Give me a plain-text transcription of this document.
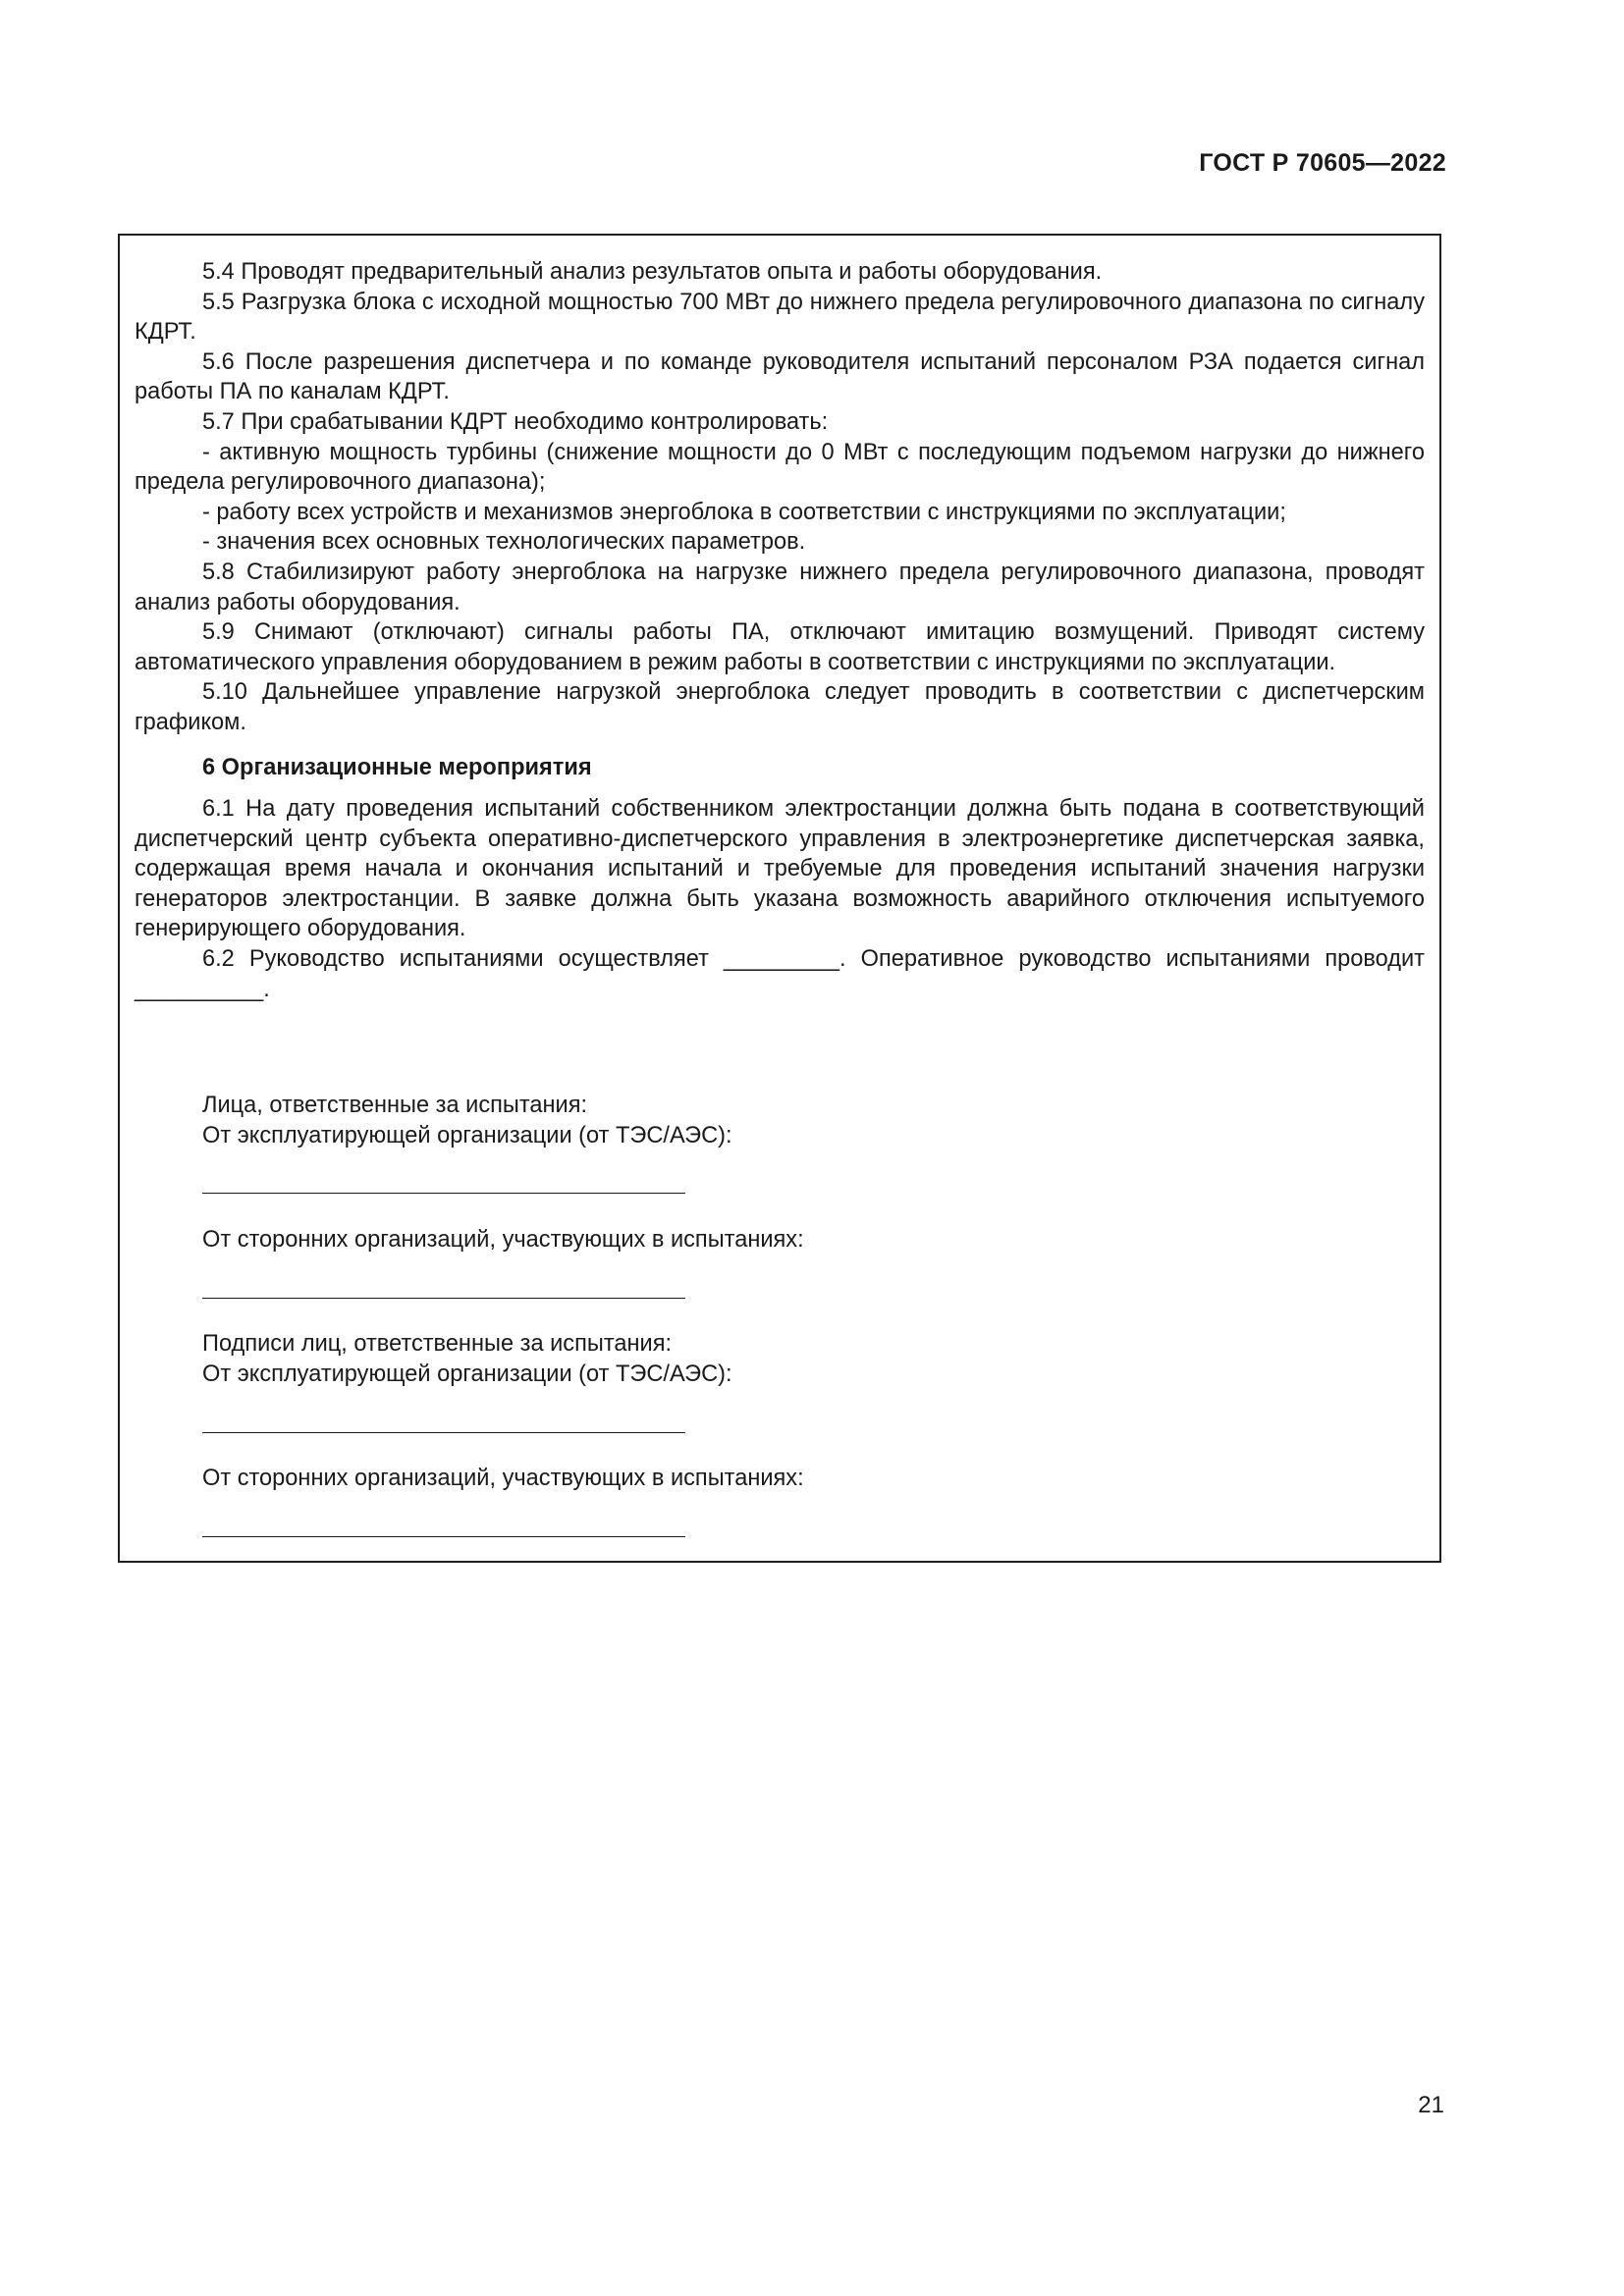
ГОСТ Р 70605—2022

5.4 Проводят предварительный анализ результатов опыта и работы оборудования.

5.5 Разгрузка блока с исходной мощностью 700 МВт до нижнего предела регулировочного диапазона по сигналу КДРТ.

5.6 После разрешения диспетчера и по команде руководителя испытаний персоналом РЗА подается сигнал работы ПА по каналам КДРТ.

5.7 При срабатывании КДРТ необходимо контролировать:

- активную мощность турбины (снижение мощности до 0 МВт с последующим подъемом нагрузки до нижнего предела регулировочного диапазона);

- работу всех устройств и механизмов энергоблока в соответствии с инструкциями по эксплуатации;

- значения всех основных технологических параметров.

5.8 Стабилизируют работу энергоблока на нагрузке нижнего предела регулировочного диапазона, проводят анализ работы оборудования.

5.9 Снимают (отключают) сигналы работы ПА, отключают имитацию возмущений. Приводят систему автоматического управления оборудованием в режим работы в соответствии с инструкциями по эксплуатации.

5.10 Дальнейшее управление нагрузкой энергоблока следует проводить в соответствии с диспетчерским графиком.

6 Организационные мероприятия

6.1 На дату проведения испытаний собственником электростанции должна быть подана в соответствующий диспетчерский центр субъекта оперативно-диспетчерского управления в электроэнергетике диспетчерская заявка, содержащая время начала и окончания испытаний и требуемые для проведения испытаний значения нагрузки генераторов электростанции. В заявке должна быть указана возможность аварийного отключения испытуемого генерирующего оборудования.

6.2 Руководство испытаниями осуществляет _________. Оперативное руководство испытаниями проводит __________.

Лица, ответственные за испытания:

От эксплуатирующей организации (от ТЭС/АЭС):

От сторонних организаций, участвующих в испытаниях:

Подписи лиц, ответственные за испытания:

От эксплуатирующей организации (от ТЭС/АЭС):

От сторонних организаций, участвующих в испытаниях:

21
